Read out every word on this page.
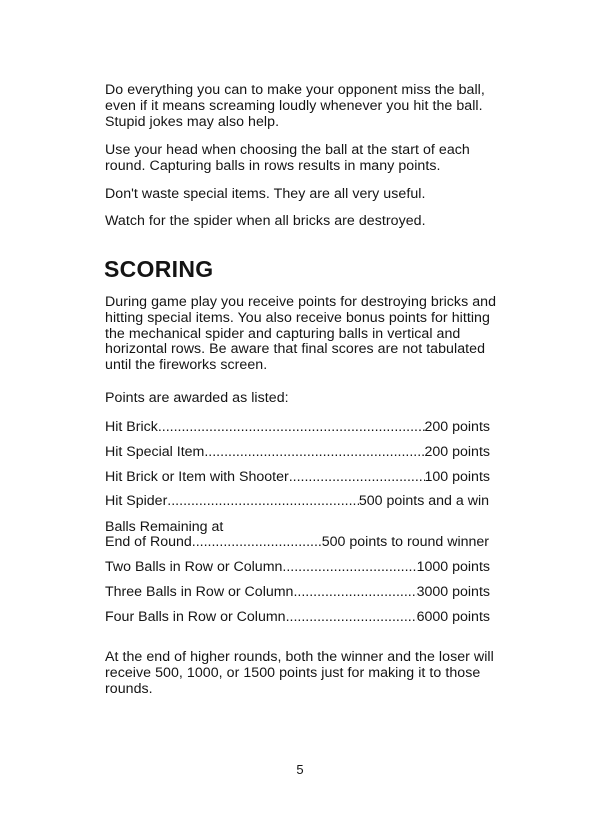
Do everything you can to make your opponent miss the ball, even if it means screaming loudly whenever you hit the ball. Stupid jokes may also help.

Use your head when choosing the ball at the start of each round. Capturing balls in rows results in many points.

Don't waste special items. They are all very useful.

Watch for the spider when all bricks are destroyed.

SCORING

During game play you receive points for destroying bricks and hitting special items. You also receive bonus points for hitting the mechanical spider and capturing balls in vertical and horizontal rows. Be aware that final scores are not tabulated until the fireworks screen.

Points are awarded as listed:

Hit Brick .....	200 points
Hit Special Item .....	200 points
Hit Brick or Item with Shooter .....	100 points
Hit Spider .....	500 points and a win
Balls Remaining at
End of Round .....	500 points to round winner
Two Balls in Row or Column .....	1000 points
Three Balls in Row or Column .....	3000 points
Four Balls in Row or Column .....	6000 points

At the end of higher rounds, both the winner and the loser will receive 500, 1000, or 1500 points just for making it to those rounds.

5
